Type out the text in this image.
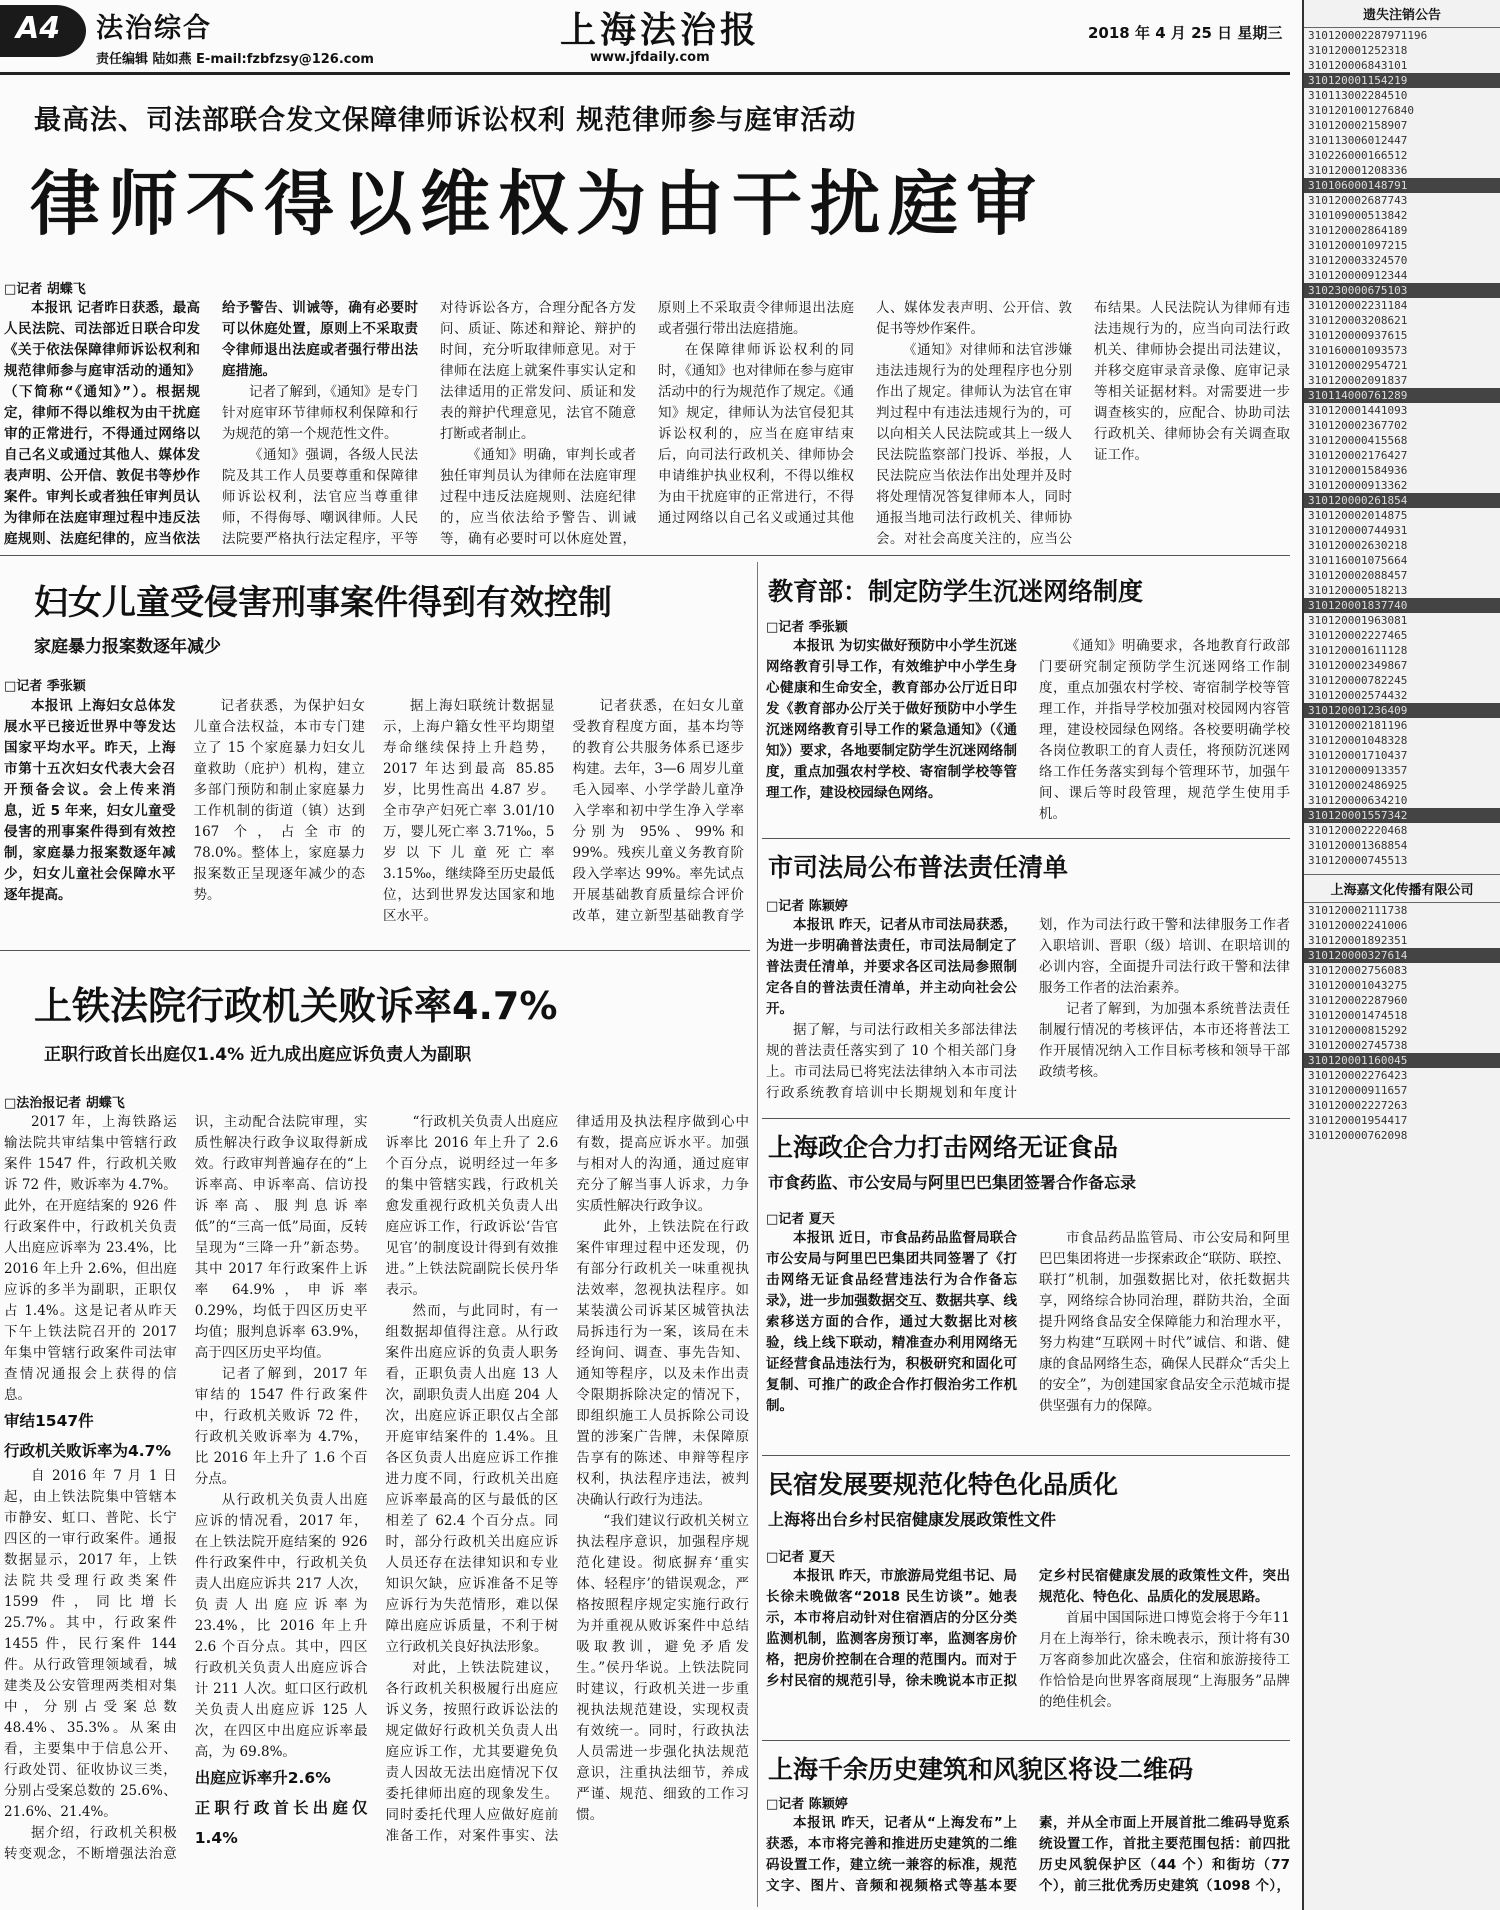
A4	法治综合
责任编辑 陆如燕 E-mail:fzbfzsy@126.com
上海法治报
www.jfdaily.com
2018 年 4 月 25 日 星期三
最高法、司法部联合发文保障律师诉讼权利 规范律师参与庭审活动
律师不得以维权为由干扰庭审
□记者 胡蝶飞

本报讯 记者昨日获悉，最高人民法院、司法部近日联合印发《关于依法保障律师诉讼权利和规范律师参与庭审活动的通知》（下简称“《通知》”）。根据规定，律师不得以维权为由干扰庭审的正常进行，不得通过网络以自己名义或通过其他人、媒体发表声明、公开信、敦促书等炒作案件。审判长或者独任审判员认为律师在法庭审理过程中违反法庭规则、法庭纪律的，应当依法给予警告、训诫等，确有必要时可以休庭处置，原则上不采取责令律师退出法庭或者强行带出法庭措施。

记者了解到，《通知》是专门针对庭审环节律师权利保障和行为规范的第一个规范性文件。

《通知》强调，各级人民法院及其工作人员要尊重和保障律师诉讼权利，法官应当尊重律师，不得侮辱、嘲讽律师。人民法院要严格执行法定程序，平等对待诉讼各方，合理分配各方发问、质证、陈述和辩论、辩护的时间，充分听取律师意见。对于律师在法庭上就案件事实认定和法律适用的正常发问、质证和发表的辩护代理意见，法官不随意打断或者制止。

《通知》明确，审判长或者独任审判员认为律师在法庭审理过程中违反法庭规则、法庭纪律的，应当依法给予警告、训诫等，确有必要时可以休庭处置，原则上不采取责令律师退出法庭或者强行带出法庭措施。

在保障律师诉讼权利的同时，《通知》也对律师在参与庭审活动中的行为规范作了规定。《通知》规定，律师认为法官侵犯其诉讼权利的，应当在庭审结束后，向司法行政机关、律师协会申请维护执业权利，不得以维权为由干扰庭审的正常进行，不得通过网络以自己名义或通过其他人、媒体发表声明、公开信、敦促书等炒作案件。

《通知》对律师和法官涉嫌违法违规行为的处理程序也分别作出了规定。律师认为法官在审判过程中有违法违规行为的，可以向相关人民法院或其上一级人民法院监察部门投诉、举报，人民法院应当依法作出处理并及时将处理情况答复律师本人，同时通报当地司法行政机关、律师协会。对社会高度关注的，应当公布结果。人民法院认为律师有违法违规行为的，应当向司法行政机关、律师协会提出司法建议，并移交庭审录音录像、庭审记录等相关证据材料。对需要进一步调查核实的，应配合、协助司法行政机关、律师协会有关调查取证工作。

妇女儿童受侵害刑事案件得到有效控制
家庭暴力报案数逐年减少
□记者 季张颖

本报讯 上海妇女总体发展水平已接近世界中等发达国家平均水平。昨天，上海市第十五次妇女代表大会召开预备会议。会上传来消息，近 5 年来，妇女儿童受侵害的刑事案件得到有效控制，家庭暴力报案数逐年减少，妇女儿童社会保障水平逐年提高。

记者获悉，为保护妇女儿童合法权益，本市专门建立了 15 个家庭暴力妇女儿童救助（庇护）机构，建立多部门预防和制止家庭暴力工作机制的街道（镇）达到 167 个，占全市的 78.0%。整体上，家庭暴力报案数正呈现逐年减少的态势。

据上海妇联统计数据显示，上海户籍女性平均期望寿命继续保持上升趋势，2017 年达到最高 85.85 岁，比男性高出 4.87 岁。全市孕产妇死亡率 3.01/10 万，婴儿死亡率 3.71‰，5 岁以下儿童死亡率 3.15‰，继续降至历史最低位，达到世界发达国家和地区水平。

记者获悉，在妇女儿童受教育程度方面，基本均等的教育公共服务体系已逐步构建。去年，3—6 周岁儿童毛入园率、小学学龄儿童净入学率和初中学生净入学率分别为 95%、99%和 99%。残疾儿童义务教育阶段入学率达 99%。率先试点开展基础教育质量综合评价改革，建立新型基础教育学

上铁法院行政机关败诉率4.7%
正职行政首长出庭仅1.4% 近九成出庭应诉负责人为副职
□法治报记者 胡蝶飞

2017 年，上海铁路运输法院共审结集中管辖行政案件 1547 件，行政机关败诉 72 件，败诉率为 4.7%。此外，在开庭结案的 926 件行政案件中，行政机关负责人出庭应诉率为 23.4%，比 2016 年上升 2.6%，但出庭应诉的多半为副职，正职仅占 1.4%。这是记者从昨天下午上铁法院召开的 2017 年集中管辖行政案件司法审查情况通报会上获得的信息。

审结1547件

行政机关败诉率为4.7%

自 2016 年 7 月 1 日起，由上铁法院集中管辖本市静安、虹口、普陀、长宁四区的一审行政案件。通报数据显示，2017 年，上铁法院共受理行政类案件 1599 件，同比增长 25.7%。其中，行政案件 1455 件，民行案件 144 件。从行政管理领域看，城建类及公安管理两类相对集中，分别占受案总数 48.4%、35.3%。从案由看，主要集中于信息公开、行政处罚、征收协议三类，分别占受案总数的 25.6%、21.6%、21.4%。

据介绍，行政机关积极转变观念，不断增强法治意识，主动配合法院审理，实质性解决行政争议取得新成效。行政审判普遍存在的“上诉率高、申诉率高、信访投诉率高、服判息诉率低”的“三高一低”局面，反转呈现为“三降一升”新态势。其中 2017 年行政案件上诉率 64.9%，申诉率 0.29%，均低于四区历史平均值；服判息诉率 63.9%，高于四区历史平均值。

记者了解到，2017 年审结的 1547 件行政案件中，行政机关败诉 72 件，行政机关败诉率为 4.7%，比 2016 年上升了 1.6 个百分点。

从行政机关负责人出庭应诉的情况看，2017 年，在上铁法院开庭结案的 926 件行政案件中，行政机关负责人出庭应诉共 217 人次，负责人出庭应诉率为 23.4%，比 2016 年上升 2.6 个百分点。其中，四区行政机关负责人出庭应诉合计 211 人次。虹口区行政机关负责人出庭应诉 125 人次，在四区中出庭应诉率最高，为 69.8%。

出庭应诉率升2.6%

正职行政首长出庭仅1.4%

“行政机关负责人出庭应诉率比 2016 年上升了 2.6 个百分点，说明经过一年多的集中管辖实践，行政机关愈发重视行政机关负责人出庭应诉工作，行政诉讼‘告官见官’的制度设计得到有效推进。”上铁法院副院长侯丹华表示。

然而，与此同时，有一组数据却值得注意。从行政案件出庭应诉的负责人职务看，正职负责人出庭 13 人次，副职负责人出庭 204 人次，出庭应诉正职仅占全部开庭审结案件的 1.4%。且各区负责人出庭应诉工作推进力度不同，行政机关出庭应诉率最高的区与最低的区相差了 62.4 个百分点。同时，部分行政机关出庭应诉人员还存在法律知识和专业知识欠缺，应诉准备不足等应诉行为失范情形，难以保障出庭应诉质量，不利于树立行政机关良好执法形象。

对此，上铁法院建议，各行政机关积极履行出庭应诉义务，按照行政诉讼法的规定做好行政机关负责人出庭应诉工作，尤其要避免负责人因故无法出庭情况下仅委托律师出庭的现象发生。同时委托代理人应做好庭前准备工作，对案件事实、法律适用及执法程序做到心中有数，提高应诉水平。加强与相对人的沟通，通过庭审充分了解当事人诉求，力争实质性解决行政争议。

此外，上铁法院在行政案件审理过程中还发现，仍有部分行政机关一味重视执法效率，忽视执法程序。如某装潢公司诉某区城管执法局拆违行为一案，该局在未经询问、调查、事先告知、通知等程序，以及未作出责令限期拆除决定的情况下，即组织施工人员拆除公司设置的涉案广告牌，未保障原告享有的陈述、申辩等程序权利，执法程序违法，被判决确认行政行为违法。

“我们建议行政机关树立执法程序意识，加强程序规范化建设。彻底摒弃‘重实体、轻程序’的错误观念，严格按照程序规定实施行政行为并重视从败诉案件中总结吸取教训，避免矛盾发生。”侯丹华说。上铁法院同时建议，行政机关进一步重视执法规范建设，实现权责有效统一。同时，行政执法人员需进一步强化执法规范意识，注重执法细节，养成严谨、规范、细致的工作习惯。

教育部：制定防学生沉迷网络制度
□记者 季张颖

本报讯 为切实做好预防中小学生沉迷网络教育引导工作，有效维护中小学生身心健康和生命安全，教育部办公厅近日印发《教育部办公厅关于做好预防中小学生沉迷网络教育引导工作的紧急通知》（《通知》）要求，各地要制定防学生沉迷网络制度，重点加强农村学校、寄宿制学校等管理工作，建设校园绿色网络。

《通知》明确要求，各地教育行政部门要研究制定预防学生沉迷网络工作制度，重点加强农村学校、寄宿制学校等管理工作，并指导学校加强对校园网内容管理，建设校园绿色网络。各校要明确学校各岗位教职工的育人责任，将预防沉迷网络工作任务落实到每个管理环节，加强午间、课后等时段管理，规范学生使用手机。

市司法局公布普法责任清单
□记者 陈颖婷

本报讯 昨天，记者从市司法局获悉，为进一步明确普法责任，市司法局制定了普法责任清单，并要求各区司法局参照制定各自的普法责任清单，并主动向社会公开。

据了解，与司法行政相关多部法律法规的普法责任落实到了 10 个相关部门身上。市司法局已将宪法法律纳入本市司法行政系统教育培训中长期规划和年度计划，作为司法行政干警和法律服务工作者入职培训、晋职（级）培训、在职培训的必训内容，全面提升司法行政干警和法律服务工作者的法治素养。

记者了解到，为加强本系统普法责任制履行情况的考核评估，本市还将普法工作开展情况纳入工作目标考核和领导干部政绩考核。

上海政企合力打击网络无证食品
市食药监、市公安局与阿里巴巴集团签署合作备忘录
□记者 夏天

本报讯 近日，市食品药品监督局联合市公安局与阿里巴巴集团共同签署了《打击网络无证食品经营违法行为合作备忘录》，进一步加强数据交互、数据共享、线索移送方面的合作，通过大数据比对核验，线上线下联动，精准查办利用网络无证经营食品违法行为，积极研究和固化可复制、可推广的政企合作打假治劣工作机制。

市食品药品监管局、市公安局和阿里巴巴集团将进一步探索政企“联防、联控、联打”机制，加强数据比对，依托数据共享，网络综合协同治理，群防共治，全面提升网络食品安全保障能力和治理水平，努力构建“互联网＋时代”诚信、和谐、健康的食品网络生态，确保人民群众“舌尖上的安全”，为创建国家食品安全示范城市提供坚强有力的保障。

民宿发展要规范化特色化品质化
上海将出台乡村民宿健康发展政策性文件
□记者 夏天

本报讯 昨天，市旅游局党组书记、局长徐未晚做客“2018 民生访谈”。她表示，本市将启动针对住宿酒店的分区分类监测机制，监测客房预订率，监测客房价格，把房价控制在合理的范围内。而对于乡村民宿的规范引导，徐未晚说本市正拟定乡村民宿健康发展的政策性文件，突出规范化、特色化、品质化的发展思路。

首届中国国际进口博览会将于今年11月在上海举行，徐未晚表示，预计将有30万客商参加此次盛会，住宿和旅游接待工作恰恰是向世界客商展现“上海服务”品牌的绝佳机会。

上海千余历史建筑和风貌区将设二维码
□记者 陈颖婷

本报讯 昨天，记者从“上海发布”上获悉，本市将完善和推进历史建筑的二维码设置工作，建立统一兼容的标准，规范文字、图片、音频和视频格式等基本要素，并从全市面上开展首批二维码导览系统设置工作，首批主要范围包括：前四批历史风貌保护区（44 个）和街坊（77 个），前三批优秀历史建筑（1098 个），

遗失注销公告
310120002287971196
310120001252318
310120006843101
310120001154219
310113002284510
3101201001276840
310120002158907
310113006012447
310226000166512
310120001208336
310106000148791
310120002687743
310109000513842
310120002864189
310120001097215
310120003324570
310120000912344
310230000675103
310120002231184
310120003208621
310120000937615
310160001093573
310120002954721
310120002091837
310114000761289
310120001441093
310120002367702
310120000415568
310120002176427
310120001584936
310120000913362
310120000261854
310120002014875
310120000744931
310120002630218
310116001075664
310120002088457
310120000518213
310120001837740
310120001963081
310120002227465
310120001611128
310120002349867
310120000782245
310120002574432
310120001236409
310120002181196
310120001048328
310120001710437
310120000913357
310120002486925
310120000634210
310120001557342
310120002220468
310120001368854
310120000745513
上海嘉文化传播有限公司
310120002111738
310120002241006
310120001892351
310120000327614
310120002756083
310120001043275
310120002287960
310120001474518
310120000815292
310120002745738
310120001160045
310120002276423
310120000911657
310120002227263
310120001954417
310120000762098
